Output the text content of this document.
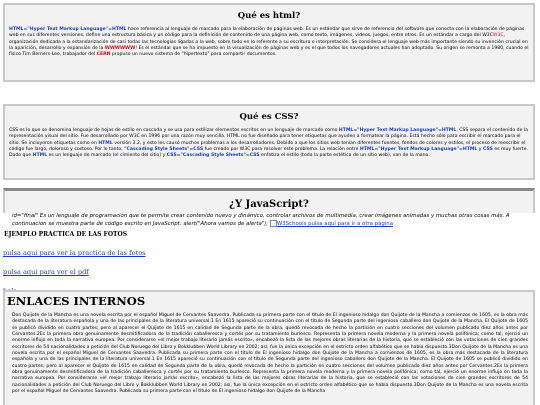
Qué es html?

HTML="Hyper Text Markup Language"=HTML hace referencia al lenguaje de marcado para la elaboración de páginas web. Es un estándar que sirve de referencia del software que conecta con la elaboración de páginas web en sus diferentes versiones, define una estructura básica y un código para la definición de contenido de una página web, como texto, imágenes, videos, juegos, entre otros. Es un estándar a cargo del W3CW3C, organización dedicada a la estandarización de casi todas las tecnologías ligadas a la web, sobre todo en lo referente a su escritura e interpretación. Se considera el lenguaje web más importante siendo su invención crucial en la aparición, desarrollo y expansión de la WWWWWW! Es el estándar que se ha impuesto en la visualización de páginas web y es el que todos los navegadores actuales han adoptado. Su origen se remonta a 1980, cuando el físico Tim Berners-Lee, trabajador del CERN propuso un nuevo sistema de "hipertexto" para compartir documentos.

Qué es CSS?

CSS es lo que se denomina lenguaje de hojas de estilo en cascada y se usa para estilizar elementos escritos en un lenguaje de marcado como HTML="Hyper Text Markup Language"=HTML. CSS separa el contenido de la representación visual del sitio. Fue desarrollado por W3C en 1996 por una razón muy sencilla. HTML no fue diseñado para tener etiquetas que ayuden a formatear la página. Está hecho sólo para escribir el marcado para el sitio. Se incluyeron etiquetas como en HTML versión 3.2, y esto les causó muchos problemas a los desarrolladores. Debido a que los sitios web tenían diferentes fuentes, fondos de colores y estilos, el proceso de reescribir el código fue largo, doloroso y costoso. Por lo tanto, "Cascading Style Sheets"=CSS fue creado por W3C para resolver este problema. La relación entre HTML="Hyper Text Markup Language"=HTML y CSS es muy fuerte. Dado que HTML es un lenguaje de marcado (el cimiento del sitio) y CSS="Cascading Style Sheets"=CSS enfatiza el estilo (toda la parte estética de un sitio web), van de la mano.

¿Y JavaScript?
id="final" Es un lenguaje de programación que te permite crear contenido nuevo y dinámico, controlar archivos de multimedia, crear imágenes animadas y muchas otras cosas más. A continuación se muestra parte de código escrito en JavaScript: alert("Ahora vamos de alerta"); W3Schools pulsa aquí para ir a otra página
EJEMPLO PRACTICA DE LAS FOTOS
pulsa aqui para ver la practica de las fotos
pulsa aqui para ver el pdf
ENLACES INTERNOS
Don Quijote de la Mancha es una novela escrita por el español Miguel de Cervantes Saavedra. Publicada su primera parte con el título de El ingenioso hidalgo don Quijote de la Mancha a comienzos de 1605, es la obra más destacada de la literatura española y una de las principales de la literatura universal.1 En 1615 apareció su continuación con el título de Segunda parte del ingenioso caballero don Quijote de la Mancha. El Quijote de 1605 se publicó dividido en cuatro partes; pero al aparecer el Quijote de 1615 en calidad de Segunda parte de la obra, quedó revocada de hecho la partición en cuatro secciones del volumen publicado diez años antes por Cervantes.2Es la primera obra genuinamente desmitificadora de la tradición caballeresca y cortés por su tratamiento burlesco. Representa la primera novela moderna y la primera novela polifónica; como tal, ejerció un enorme influjo en toda la narrativa europea. Por considerarse «el mejor trabajo literario jamás escrito», encabezó la lista de las mejores obras literarias de la historia, que se estableció con las votaciones de cien grandes escritores de 54 nacionalidades a petición del Club Noruego del Libro y Bokklubben World Library en 2002; así, fue la única excepción en el estricto orden alfabético que se había dispuesto.3Don Quijote de la Mancha es una novela escrita por el español Miguel de Cervantes Saavedra. Publicada su primera parte con el título de El ingenioso hidalgo don Quijote de la Mancha a comienzos de 1605, es la obra más destacada de la literatura española y una de las principales de la literatura universal.1 En 1615 apareció su continuación con el título de Segunda parte del ingenioso caballero don Quijote de la Mancha. El Quijote de 1605 se publicó dividido en cuatro partes; pero al aparecer el Quijote de 1615 en calidad de Segunda parte de la obra, quedó revocada de hecho la partición en cuatro secciones del volumen publicado diez años antes por Cervantes.2Es la primera obra genuinamente desmitificadora de la tradición caballeresca y cortés por su tratamiento burlesco. Representa la primera novela moderna y la primera novela polifónica; como tal, ejerció un enorme influjo en toda la narrativa europea. Por considerarse «el mejor trabajo literario jamás escrito», encabezó la lista de las mejores obras literarias de la historia, que se estableció con las votaciones de cien grandes escritores de 54 nacionalidades a petición del Club Noruego del Libro y Bokklubben World Library en 2002; así, fue la única excepción en el estricto orden alfabético que se había dispuesto.3Don Quijote de la Mancha es una novela escrita por el español Miguel de Cervantes Saavedra. Publicada su primera parte con el título de El ingenioso hidalgo don Quijote de la Mancha
